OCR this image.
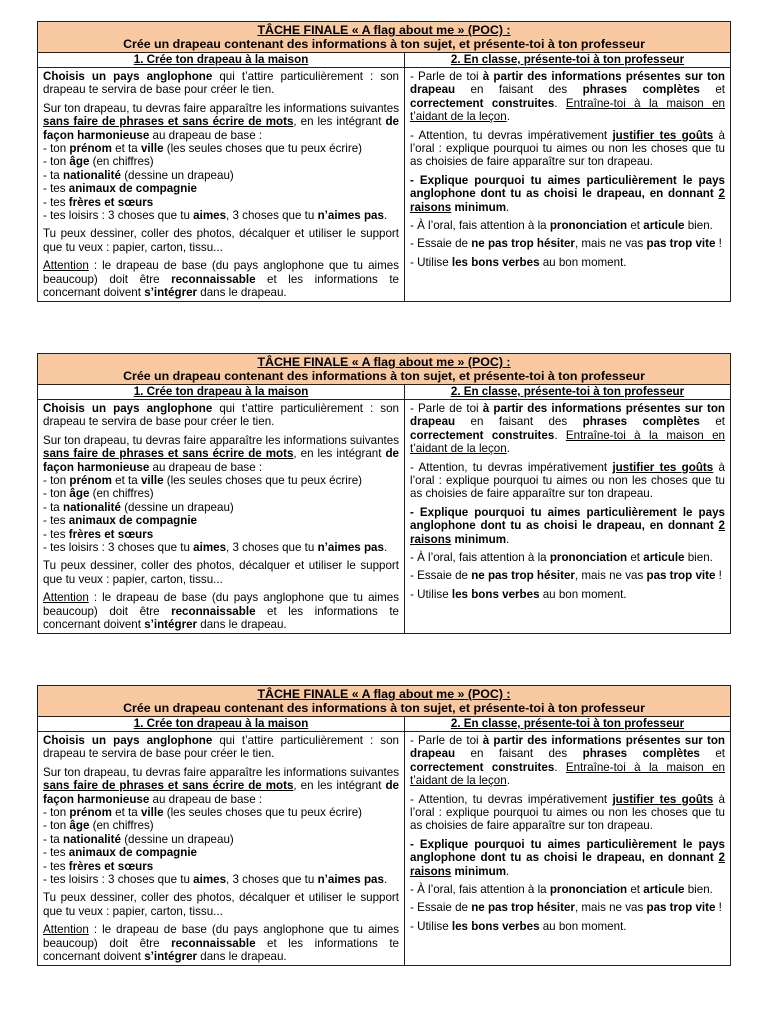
TÂCHE FINALE « A flag about me » (POC) :
Crée un drapeau contenant des informations à ton sujet, et présente-toi à ton professeur
1. Crée ton drapeau à la maison

Choisis un pays anglophone qui t’attire particulièrement : son drapeau te servira de base pour créer le tien.

Sur ton drapeau, tu devras faire apparaître les informations suivantes sans faire de phrases et sans écrire de mots, en les intégrant de façon harmonieuse au drapeau de base :

- ton prénom et ta ville (les seules choses que tu peux écrire)
- ton âge (en chiffres)
- ta nationalité (dessine un drapeau)
- tes animaux de compagnie
- tes frères et sœurs
- tes loisirs : 3 choses que tu aimes, 3 choses que tu n’aimes pas.

Tu peux dessiner, coller des photos, décalquer et utiliser le support que tu veux : papier, carton, tissu...

Attention : le drapeau de base (du pays anglophone que tu aimes beaucoup) doit être reconnaissable et les informations te concernant doivent s’intégrer dans le drapeau.

2. En classe, présente-toi à ton professeur

- Parle de toi à partir des informations présentes sur ton drapeau en faisant des phrases complètes et correctement construites. Entraîne-toi à la maison en t’aidant de la leçon.

- Attention, tu devras impérativement justifier tes goûts à l’oral : explique pourquoi tu aimes ou non les choses que tu as choisies de faire apparaître sur ton drapeau.

- Explique pourquoi tu aimes particulièrement le pays anglophone dont tu as choisi le drapeau, en donnant 2 raisons minimum.

- À l’oral, fais attention à la prononciation et articule bien.

- Essaie de ne pas trop hésiter, mais ne vas pas trop vite !

- Utilise les bons verbes au bon moment.

TÂCHE FINALE « A flag about me » (POC) :
Crée un drapeau contenant des informations à ton sujet, et présente-toi à ton professeur
1. Crée ton drapeau à la maison

Choisis un pays anglophone qui t’attire particulièrement : son drapeau te servira de base pour créer le tien.

Sur ton drapeau, tu devras faire apparaître les informations suivantes sans faire de phrases et sans écrire de mots, en les intégrant de façon harmonieuse au drapeau de base :

- ton prénom et ta ville (les seules choses que tu peux écrire)
- ton âge (en chiffres)
- ta nationalité (dessine un drapeau)
- tes animaux de compagnie
- tes frères et sœurs
- tes loisirs : 3 choses que tu aimes, 3 choses que tu n’aimes pas.

Tu peux dessiner, coller des photos, décalquer et utiliser le support que tu veux : papier, carton, tissu...

Attention : le drapeau de base (du pays anglophone que tu aimes beaucoup) doit être reconnaissable et les informations te concernant doivent s’intégrer dans le drapeau.

2. En classe, présente-toi à ton professeur

- Parle de toi à partir des informations présentes sur ton drapeau en faisant des phrases complètes et correctement construites. Entraîne-toi à la maison en t’aidant de la leçon.

- Attention, tu devras impérativement justifier tes goûts à l’oral : explique pourquoi tu aimes ou non les choses que tu as choisies de faire apparaître sur ton drapeau.

- Explique pourquoi tu aimes particulièrement le pays anglophone dont tu as choisi le drapeau, en donnant 2 raisons minimum.

- À l’oral, fais attention à la prononciation et articule bien.

- Essaie de ne pas trop hésiter, mais ne vas pas trop vite !

- Utilise les bons verbes au bon moment.

TÂCHE FINALE « A flag about me » (POC) :
Crée un drapeau contenant des informations à ton sujet, et présente-toi à ton professeur
1. Crée ton drapeau à la maison

Choisis un pays anglophone qui t’attire particulièrement : son drapeau te servira de base pour créer le tien.

Sur ton drapeau, tu devras faire apparaître les informations suivantes sans faire de phrases et sans écrire de mots, en les intégrant de façon harmonieuse au drapeau de base :

- ton prénom et ta ville (les seules choses que tu peux écrire)
- ton âge (en chiffres)
- ta nationalité (dessine un drapeau)
- tes animaux de compagnie
- tes frères et sœurs
- tes loisirs : 3 choses que tu aimes, 3 choses que tu n’aimes pas.

Tu peux dessiner, coller des photos, décalquer et utiliser le support que tu veux : papier, carton, tissu...

Attention : le drapeau de base (du pays anglophone que tu aimes beaucoup) doit être reconnaissable et les informations te concernant doivent s’intégrer dans le drapeau.

2. En classe, présente-toi à ton professeur

- Parle de toi à partir des informations présentes sur ton drapeau en faisant des phrases complètes et correctement construites. Entraîne-toi à la maison en t’aidant de la leçon.

- Attention, tu devras impérativement justifier tes goûts à l’oral : explique pourquoi tu aimes ou non les choses que tu as choisies de faire apparaître sur ton drapeau.

- Explique pourquoi tu aimes particulièrement le pays anglophone dont tu as choisi le drapeau, en donnant 2 raisons minimum.

- À l’oral, fais attention à la prononciation et articule bien.

- Essaie de ne pas trop hésiter, mais ne vas pas trop vite !

- Utilise les bons verbes au bon moment.
